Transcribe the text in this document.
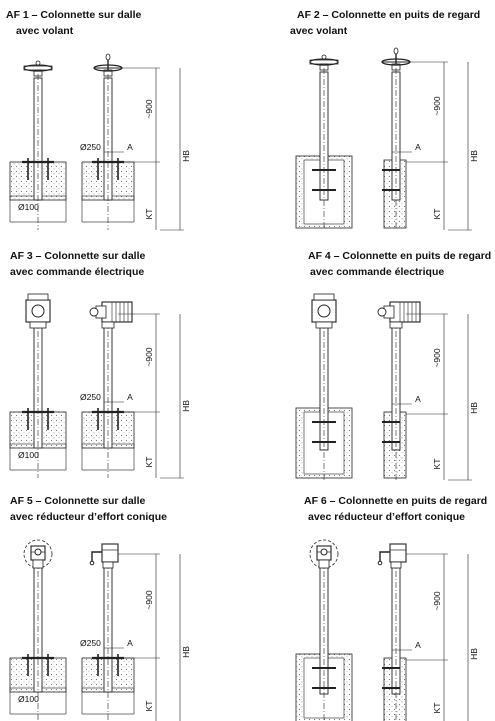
AF 1 – Colonnette sur dalle
avec volant
~900
HB
KT
A
Ø100
Ø250
AF 2 – Colonnette en puits de regard
avec volant
~900
HB
KT
A
AF 3 – Colonnette sur dalle
avec commande électrique
~900
HB
KT
A
Ø100
Ø250
AF 4 – Colonnette en puits de regard
avec commande électrique
~900
HB
KT
A
AF 5 – Colonnette sur dalle
avec réducteur d’effort conique
~900
HB
KT
A
Ø100
Ø250
AF 6 – Colonnette en puits de regard
avec réducteur d’effort conique
~900
HB
KT
A
